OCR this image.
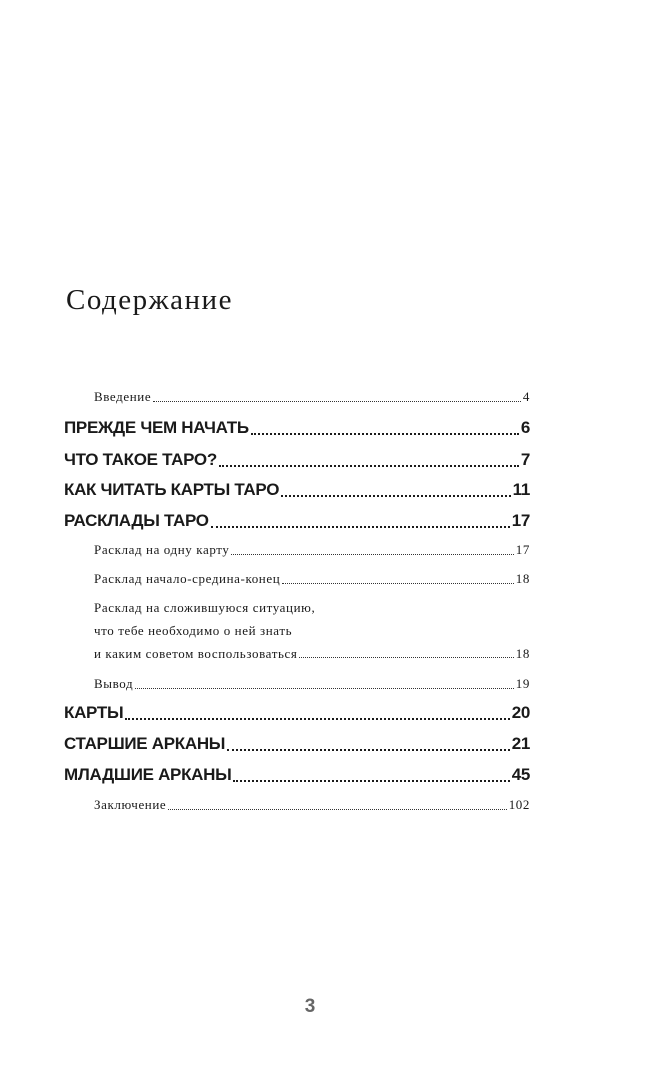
Содержание
Введение	4
ПРЕЖДЕ ЧЕМ НАЧАТЬ	6
ЧТО ТАКОЕ ТАРО?	7
КАК ЧИТАТЬ КАРТЫ ТАРО	11
РАСКЛАДЫ ТАРО	17
Расклад на одну карту	17
Расклад начало-средина-конец	18
Расклад на сложившуюся ситуацию,
что тебе необходимо о ней знать
и каким советом воспользоваться	18
Вывод	19
КАРТЫ	20
СТАРШИЕ АРКАНЫ	21
МЛАДШИЕ АРКАНЫ	45
Заключение	102
3
